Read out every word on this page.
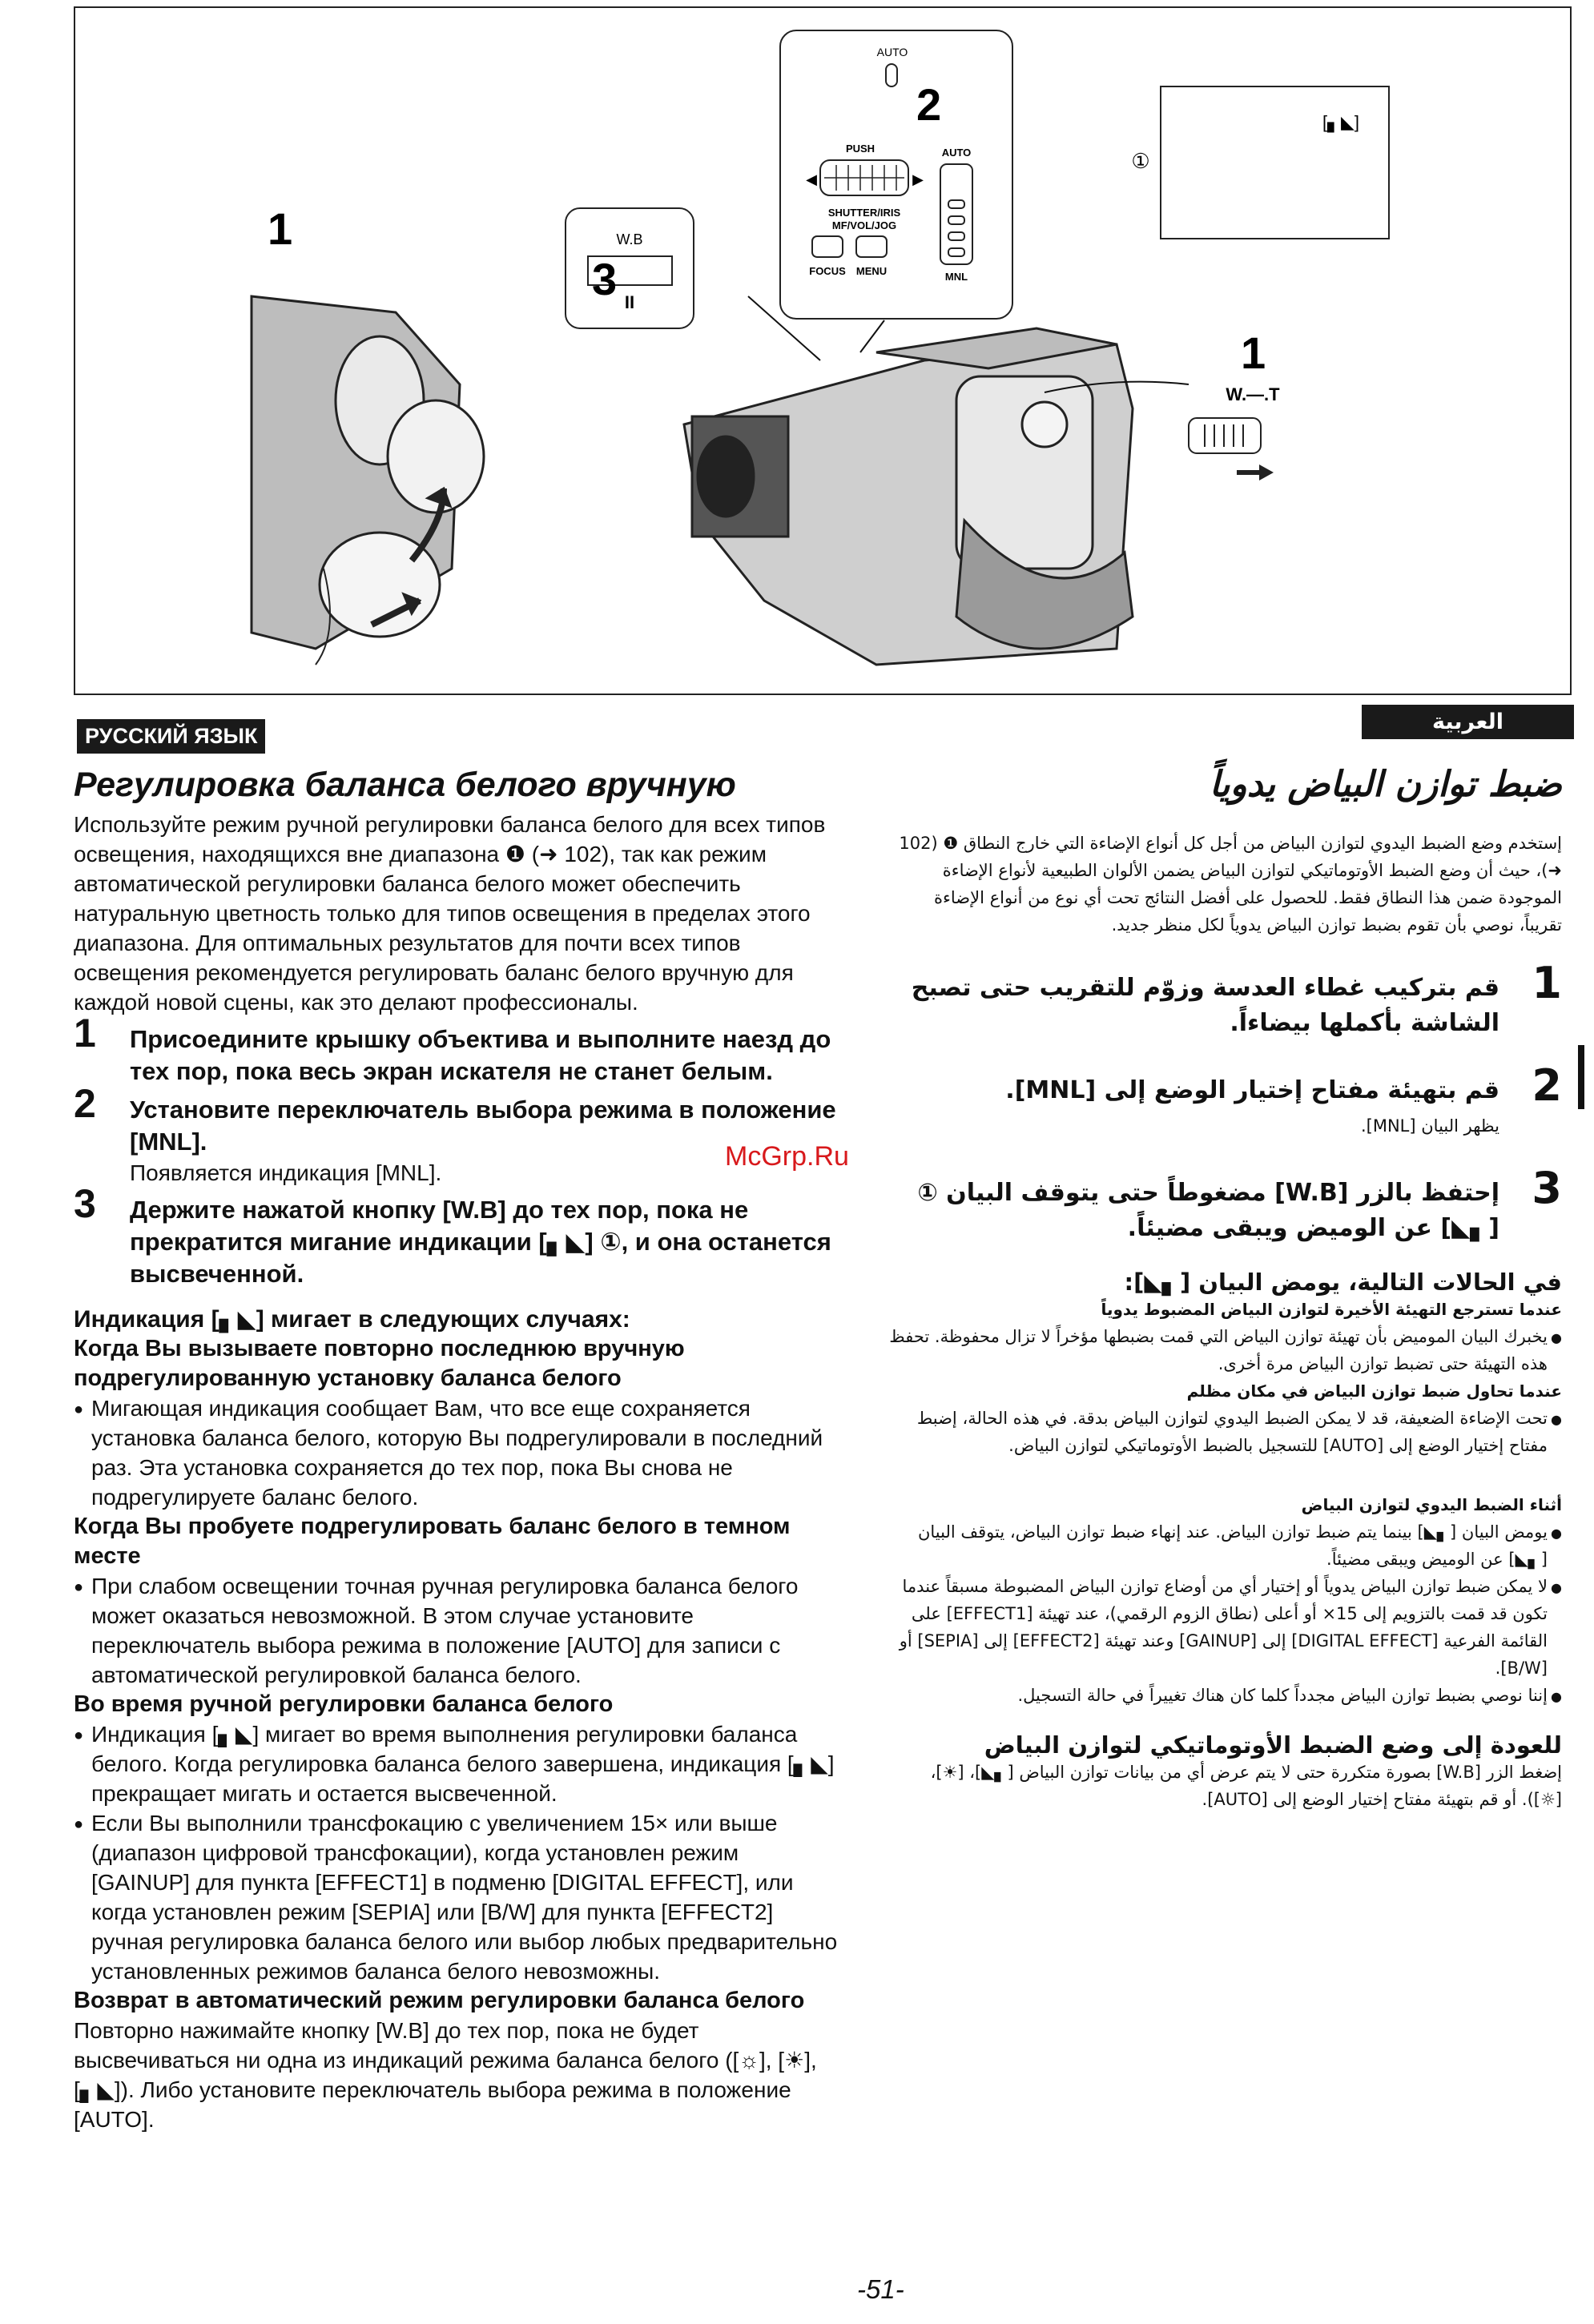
W.B
II
AUTO
PUSH
◀	▶
SHUTTER/IRIS
MF/VOL/JOG
FOCUS MENU
AUTO
MNL
①
[▖◣]
W.—.T
1
1
2
3
РУССКИЙ ЯЗЫК
Регулировка баланса белого вручную

Используйте режим ручной регулировки баланса белого для всех типов освещения, находящихся вне диапазона ❶ (➜ 102), так как режим автоматической регулировки баланса белого может обеспечить натуральную цветность только для типов освещения в пределах этого диапазона. Для оптимальных результатов для почти всех типов освещения рекомендуется регулировать баланс белого вручную для каждой новой сцены, как это делают профессионалы.

1 Присоедините крышку объектива и выполните наезд до тех пор, пока весь экран искателя не станет белым.
2 Установите переключатель выбора режима в положение [MNL].
Появляется индикация [MNL].
3 Держите нажатой кнопку [W.B] до тех пор, пока не прекратится мигание индикации [▖◣] ①, и она останется высвеченной.
Индикация [▖◣] мигает в следующих случаях:
Когда Вы вызываете повторно последнюю вручную подрегулированную установку баланса белого
● Мигающая индикация сообщает Вам, что все еще сохраняется установка баланса белого, которую Вы подрегулировали в последний раз. Эта установка сохраняется до тех пор, пока Вы снова не подрегулируете баланс белого.
Когда Вы пробуете подрегулировать баланс белого в темном месте
● При слабом освещении точная ручная регулировка баланса белого может оказаться невозможной. В этом случае установите переключатель выбора режима в положение [AUTO] для записи с автоматической регулировкой баланса белого.
Во время ручной регулировки баланса белого
● Индикация [▖◣] мигает во время выполнения регулировки баланса белого. Когда регулировка баланса белого завершена, индикация [▖◣] прекращает мигать и остается высвеченной.
● Если Вы выполнили трансфокацию с увеличением 15× или выше (диапазон цифровой трансфокации), когда установлен режим [GAINUP] для пункта [EFFECT1] в подменю [DIGITAL EFFECT], или когда установлен режим [SEPIA] или [B/W] для пункта [EFFECT2] ручная регулировка баланса белого или выбор любых предварительно установленных режимов баланса белого невозможны.
Возврат в автоматический режим регулировки баланса белого

Повторно нажимайте кнопку [W.B] до тех пор, пока не будет высвечиваться ни одна из индикаций режима баланса белого ([☼], [☀], [▖◣]). Либо установите переключатель выбора режима в положение [AUTO].

العربية
ضبط توازن البياض يدوياً

إستخدم وضع الضبط اليدوي لتوازن البياض من أجل كل أنواع الإضاءة التي خارج النطاق ❶ (102 ➜)، حيث أن وضع الضبط الأوتوماتيكي لتوازن البياض يضمن الألوان الطبيعية لأنواع الإضاءة الموجودة ضمن هذا النطاق فقط. للحصول على أفضل النتائج تحت أي نوع من أنواع الإضاءة تقريباً، نوصي بأن تقوم بضبط توازن البياض يدوياً لكل منظر جديد.

1
قم بتركيب غطاء العدسة وزوّم للتقريب حتى تصبح الشاشة بأكملها بيضاءاً.
2
قم بتهيئة مفتاح إختيار الوضع إلى [MNL].
يظهر البيان [MNL].
3
إحتفظ بالزر [W.B] مضغوطاً حتى يتوقف البيان ① [▖◣] عن الوميض ويبقى مضيئاً.
في الحالات التالية، يومض البيان [▖◣]:
عندما تسترجع التهيئة الأخيرة لتوازن البياض المضبوط يدوياً
● يخبرك البيان الموميض بأن تهيئة توازن البياض التي قمت بضبطها مؤخراً لا تزال محفوظة. تحفظ هذه التهيئة حتى تضبط توازن البياض مرة أخرى.
عندما تحاول ضبط توازن البياض في مكان مظلم
● تحت الإضاءة الضعيفة، قد لا يمكن الضبط اليدوي لتوازن البياض بدقة. في هذه الحالة، إضبط مفتاح إختيار الوضع إلى [AUTO] للتسجيل بالضبط الأوتوماتيكي لتوازن البياض.
أثناء الضبط اليدوي لتوازن البياض
● يومض البيان [▖◣] بينما يتم ضبط توازن البياض. عند إنهاء ضبط توازن البياض، يتوقف البيان [▖◣] عن الوميض ويبقى مضيئاً.
● لا يمكن ضبط توازن البياض يدوياً أو إختيار أي من أوضاع توازن البياض المضبوطة مسبقاً عندما تكون قد قمت بالتزويم إلى 15× أو أعلى (نطاق الزوم الرقمي)، عند تهيئة [EFFECT1] على القائمة الفرعية [DIGITAL EFFECT] إلى [GAINUP] وعند تهيئة [EFFECT2] إلى [SEPIA] أو [B/W].
● إننا نوصي بضبط توازن البياض مجدداً كلما كان هناك تغييراً في حالة التسجيل.
للعودة إلى وضع الضبط الأوتوماتيكي لتوازن البياض

إضغط الزر [W.B] بصورة متكررة حتى لا يتم عرض أي من بيانات توازن البياض [▖◣]، [☀]، [☼]). أو قم بتهيئة مفتاح إختيار الوضع إلى [AUTO].

McGrp.Ru
-51-
